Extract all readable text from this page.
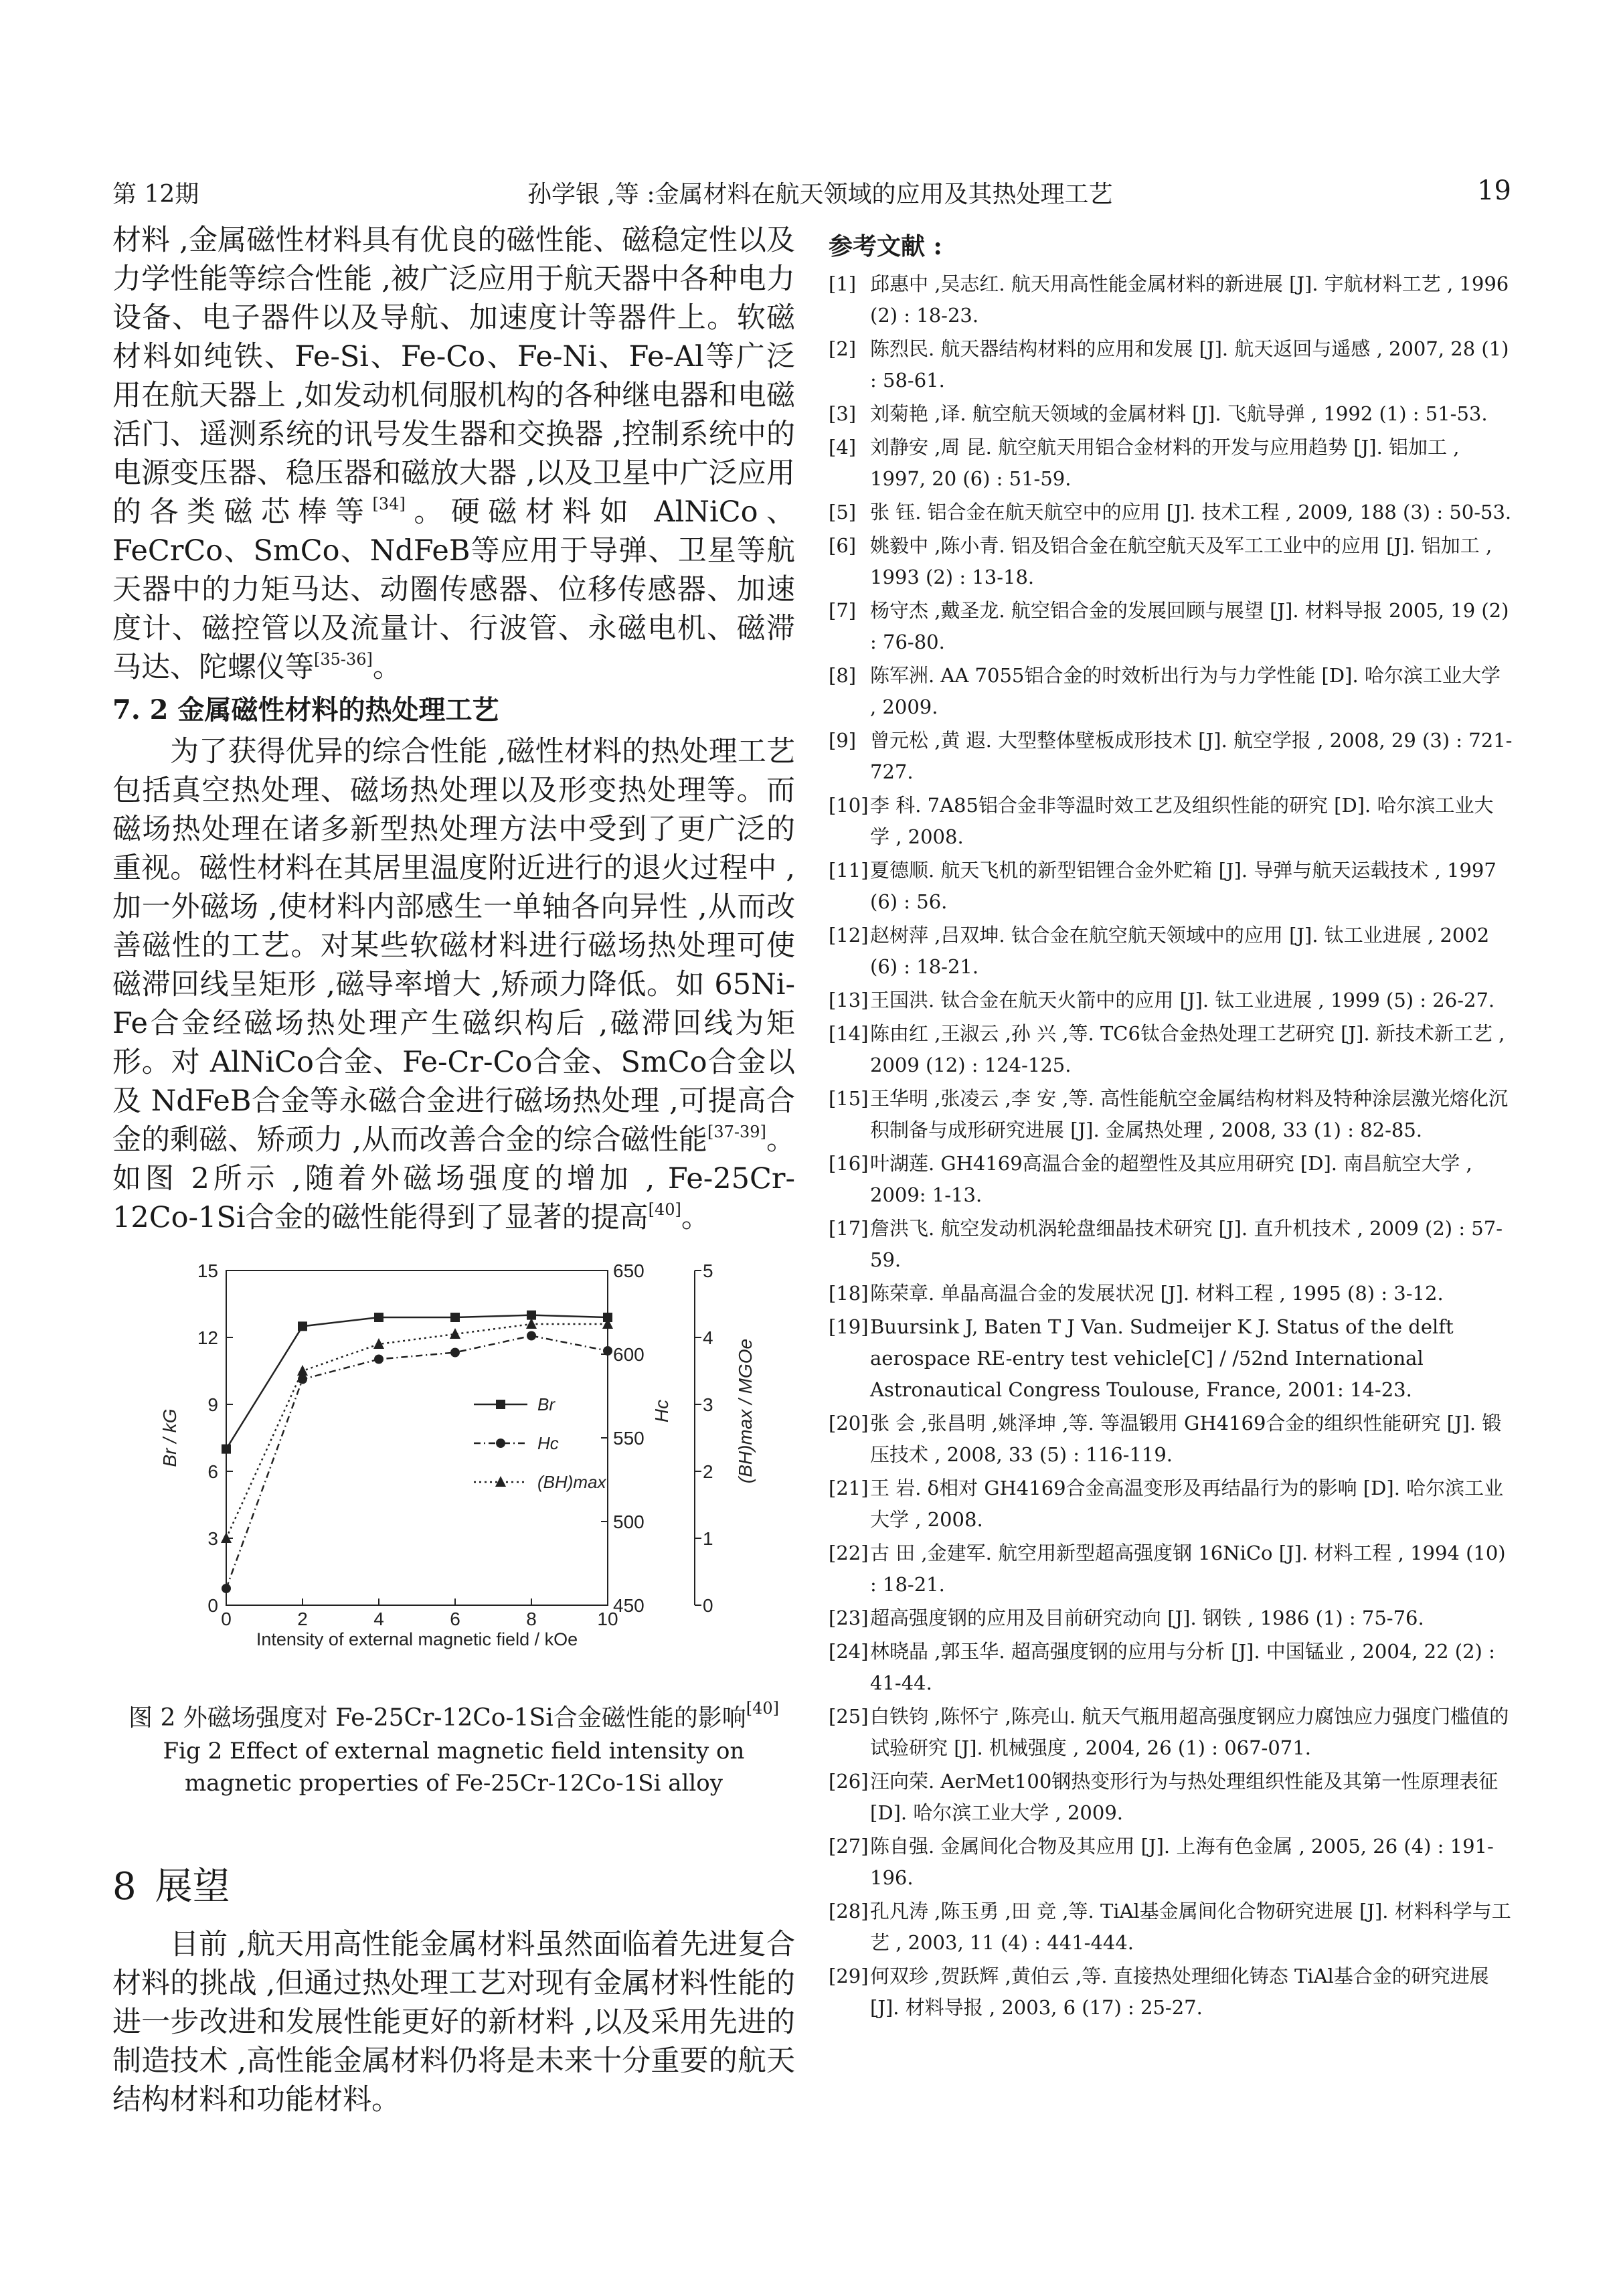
第 12期	孙学银 ,等 :金属材料在航天领域的应用及其热处理工艺	19

材料 ,金属磁性材料具有优良的磁性能、磁稳定性以及力学性能等综合性能 ,被广泛应用于航天器中各种电力设备、电子器件以及导航、加速度计等器件上。软磁材料如纯铁、Fe-Si、Fe-Co、Fe-Ni、Fe-Al等广泛用在航天器上 ,如发动机伺服机构的各种继电器和电磁活门、遥测系统的讯号发生器和交换器 ,控制系统中的电源变压器、稳压器和磁放大器 ,以及卫星中广泛应用的各类磁芯棒等[34]。硬磁材料如 AlNiCo、FeCrCo、SmCo、NdFeB等应用于导弹、卫星等航天器中的力矩马达、动圈传感器、位移传感器、加速度计、磁控管以及流量计、行波管、永磁电机、磁滞马达、陀螺仪等[35-36]。

7. 2 金属磁性材料的热处理工艺

为了获得优异的综合性能 ,磁性材料的热处理工艺包括真空热处理、磁场热处理以及形变热处理等。而磁场热处理在诸多新型热处理方法中受到了更广泛的重视。磁性材料在其居里温度附近进行的退火过程中 ,加一外磁场 ,使材料内部感生一单轴各向异性 ,从而改善磁性的工艺。对某些软磁材料进行磁场热处理可使磁滞回线呈矩形 ,磁导率增大 ,矫顽力降低。如 65Ni-Fe合金经磁场热处理产生磁织构后 ,磁滞回线为矩形。对 AlNiCo合金、Fe-Cr-Co合金、SmCo合金以及 NdFeB合金等永磁合金进行磁场热处理 ,可提高合金的剩磁、矫顽力 ,从而改善合金的综合磁性能[37-39]。如图 2所示 ,随着外磁场强度的增加 , Fe-25Cr-12Co-1Si合金的磁性能得到了显著的提高[40]。

0	2	4	6	8	10
Intensity of external magnetic field / kOe
0
3
6
9
12
15
Br / kG
450
500
550
600
650
Hc
0
1
2
3
4
5
(BH)max / MGOe
Br
Hc
(BH)max
图 2 外磁场强度对 Fe-25Cr-12Co-1Si合金磁性能的影响[40]
Fig 2 Effect of external magnetic field intensity on
magnetic properties of Fe-25Cr-12Co-1Si alloy
8 展望

目前 ,航天用高性能金属材料虽然面临着先进复合材料的挑战 ,但通过热处理工艺对现有金属材料性能的进一步改进和发展性能更好的新材料 ,以及采用先进的制造技术 ,高性能金属材料仍将是未来十分重要的航天结构材料和功能材料。

参考文献 :
[1] 邱惠中 ,吴志红. 航天用高性能金属材料的新进展 [J]. 宇航材料工艺 , 1996 (2) : 18-23.
[2] 陈烈民. 航天器结构材料的应用和发展 [J]. 航天返回与遥感 , 2007, 28 (1) : 58-61.
[3] 刘菊艳 ,译. 航空航天领域的金属材料 [J]. 飞航导弹 , 1992 (1) : 51-53.
[4] 刘静安 ,周 昆. 航空航天用铝合金材料的开发与应用趋势 [J]. 铝加工 , 1997, 20 (6) : 51-59.
[5] 张 钰. 铝合金在航天航空中的应用 [J]. 技术工程 , 2009, 188 (3) : 50-53.
[6] 姚毅中 ,陈小青. 铝及铝合金在航空航天及军工工业中的应用 [J]. 铝加工 , 1993 (2) : 13-18.
[7] 杨守杰 ,戴圣龙. 航空铝合金的发展回顾与展望 [J]. 材料导报 2005, 19 (2) : 76-80.
[8] 陈军洲. AA 7055铝合金的时效析出行为与力学性能 [D]. 哈尔滨工业大学 , 2009.
[9] 曾元松 ,黄 遐. 大型整体壁板成形技术 [J]. 航空学报 , 2008, 29 (3) : 721-727.
[10] 李 科. 7A85铝合金非等温时效工艺及组织性能的研究 [D]. 哈尔滨工业大学 , 2008.
[11] 夏德顺. 航天飞机的新型铝锂合金外贮箱 [J]. 导弹与航天运载技术 , 1997 (6) : 56.
[12] 赵树萍 ,吕双坤. 钛合金在航空航天领域中的应用 [J]. 钛工业进展 , 2002 (6) : 18-21.
[13] 王国洪. 钛合金在航天火箭中的应用 [J]. 钛工业进展 , 1999 (5) : 26-27.
[14] 陈由红 ,王淑云 ,孙 兴 ,等. TC6钛合金热处理工艺研究 [J]. 新技术新工艺 , 2009 (12) : 124-125.
[15] 王华明 ,张凌云 ,李 安 ,等. 高性能航空金属结构材料及特种涂层激光熔化沉积制备与成形研究进展 [J]. 金属热处理 , 2008, 33 (1) : 82-85.
[16] 叶湖莲. GH4169高温合金的超塑性及其应用研究 [D]. 南昌航空大学 , 2009: 1-13.
[17] 詹洪飞. 航空发动机涡轮盘细晶技术研究 [J]. 直升机技术 , 2009 (2) : 57-59.
[18] 陈荣章. 单晶高温合金的发展状况 [J]. 材料工程 , 1995 (8) : 3-12.
[19] Buursink J, Baten T J Van. Sudmeijer K J. Status of the delft aerospace RE-entry test vehicle[C] / /52nd International Astronautical Congress Toulouse, France, 2001: 14-23.
[20] 张 会 ,张昌明 ,姚泽坤 ,等. 等温锻用 GH4169合金的组织性能研究 [J]. 锻压技术 , 2008, 33 (5) : 116-119.
[21] 王 岩. δ相对 GH4169合金高温变形及再结晶行为的影响 [D]. 哈尔滨工业大学 , 2008.
[22] 古 田 ,金建军. 航空用新型超高强度钢 16NiCo [J]. 材料工程 , 1994 (10) : 18-21.
[23] 超高强度钢的应用及目前研究动向 [J]. 钢铁 , 1986 (1) : 75-76.
[24] 林晓晶 ,郭玉华. 超高强度钢的应用与分析 [J]. 中国锰业 , 2004, 22 (2) : 41-44.
[25] 白铁钧 ,陈怀宁 ,陈亮山. 航天气瓶用超高强度钢应力腐蚀应力强度门槛值的试验研究 [J]. 机械强度 , 2004, 26 (1) : 067-071.
[26] 汪向荣. AerMet100钢热变形行为与热处理组织性能及其第一性原理表征 [D]. 哈尔滨工业大学 , 2009.
[27] 陈自强. 金属间化合物及其应用 [J]. 上海有色金属 , 2005, 26 (4) : 191-196.
[28] 孔凡涛 ,陈玉勇 ,田 竞 ,等. TiAl基金属间化合物研究进展 [J]. 材料科学与工艺 , 2003, 11 (4) : 441-444.
[29] 何双珍 ,贺跃辉 ,黄伯云 ,等. 直接热处理细化铸态 TiAl基合金的研究进展 [J]. 材料导报 , 2003, 6 (17) : 25-27.
